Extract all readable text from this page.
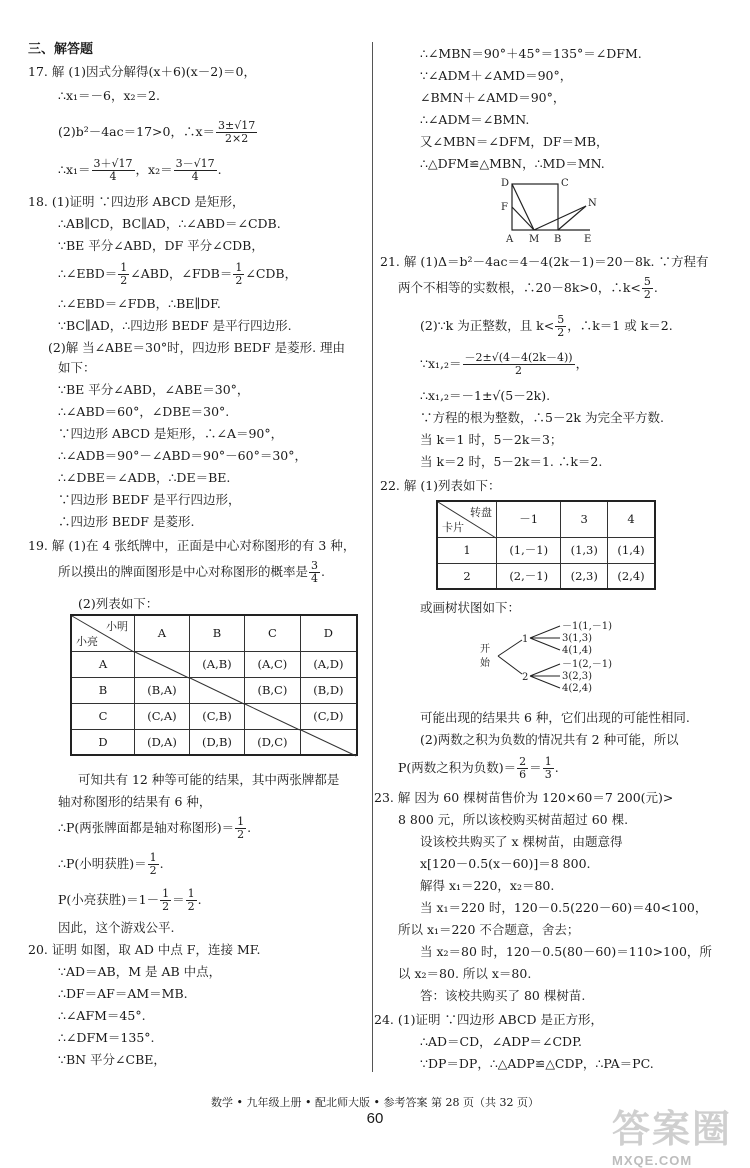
三、解答题
17. 解 (1)因式分解得(x＋6)(x－2)＝0，
∴x₁＝－6，x₂＝2.
(2)b²－4ac＝17>0，∴x＝ $\frac{3\pm√17}{2\times 2}$
∴x₁＝ $\frac{3+√17}{4}$ ，$x_2= \frac{3-√17}{4}$ .
18. (1)证明 ∵四边形 ABCD 是矩形，
∴AB∥CD，BC∥AD，∴∠ABD＝∠CDB.
∵BE 平分∠ABD，DF 平分∠CDB，
∴∠EBD＝ $\frac{1}{2}$ ∠ABD，∠FDB＝ $\frac{1}{2}$ ∠CDB，
∴∠EBD＝∠FDB，∴BE∥DF.
∵BC∥AD，∴四边形 BEDF 是平行四边形.
(2)解 当∠ABE＝30°时，四边形 BEDF 是菱形. 理由
如下：
∵BE 平分∠ABD，∠ABE＝30°，
∴∠ABD＝60°，∠DBE＝30°.
∵四边形 ABCD 是矩形，∴∠A＝90°，
∴∠ADB＝90°－∠ABD＝90°－60°＝30°，
∴∠DBE＝∠ADB，∴DE＝BE.
∵四边形 BEDF 是平行四边形，
∴四边形 BEDF 是菱形.
19. 解 (1)在 4 张纸牌中，正面是中心对称图形的有 3 种，
所以摸出的牌面图形是中心对称图形的概率是 $\frac{3}{4}$ .
(2)列表如下：
小明
小亮	A	B	C	D
A		(A,B)	(A,C)	(A,D)
B	(B,A)		(B,C)	(B,D)
C	(C,A)	(C,B)		(C,D)
D	(D,A)	(D,B)	(D,C)	
可知共有 12 种等可能的结果，其中两张牌都是
轴对称图形的结果有 6 种，
∴P(两张牌面都是轴对称图形)＝ $\frac{1}{2}$ .
∴P(小明获胜)＝ $\frac{1}{2}$ .
P(小亮获胜)$=1- \frac{1}{2} = \frac{1}{2}$ .
因此，这个游戏公平.
20. 证明 如图，取 AD 中点 F，连接 MF.
∵AD＝AB，M 是 AB 中点，
∴DF＝AF＝AM＝MB.
∴∠AFM＝45°.
∴∠DFM＝135°.
∵BN 平分∠CBE，
∴∠MBN＝90°＋45°＝135°＝∠DFM.
∵∠ADM＋∠AMD＝90°，
∠BMN＋∠AMD＝90°，
∴∠ADM＝∠BMN.
又∠MBN＝∠DFM，DF＝MB，
∴△DFM≌△MBN，∴MD＝MN.
D	C
F	N
A M B E
21. 解 (1)Δ＝b²－4ac＝4－4(2k－1)＝20－8k. ∵方程有
两个不相等的实数根，∴20－8k>0，∴k< $\frac{5}{2}$ .
(2)∵k 为正整数，且 $k< \frac{5}{2}$ ，∴k＝1 或 k＝2.
∵x₁,₂＝ $\frac{-2\pm√(4-4(2k-4))}{2}$ ，
∴x₁,₂＝－1±√(5－2k).
∵方程的根为整数，∴5－2k 为完全平方数.
当 k＝1 时，5－2k＝3；
当 k＝2 时，5－2k＝1. ∴k＝2.
22. 解 (1)列表如下：
转盘
卡片	－1	3	4
1	(1,－1)	(1,3)	(1,4)
2	(2,－1)	(2,3)	(2,4)
或画树状图如下：
开
始
1
2
－1(1,－1)
3(1,3)
4(1,4)
－1(2,－1)
3(2,3)
4(2,4)
可能出现的结果共 6 种，它们出现的可能性相同.
(2)两数之积为负数的情况共有 2 种可能，所以
P(两数之积为负数)＝ $\frac{2}{6} = \frac{1}{3}$ .
23. 解 因为 60 棵树苗售价为 120×60＝7 200(元)>
8 800 元，所以该校购买树苗超过 60 棵.
设该校共购买了 x 棵树苗，由题意得
x[120－0.5(x－60)]＝8 800.
解得 x₁＝220，x₂＝80.
当 x₁＝220 时，120－0.5(220－60)＝40<100，
所以 x₁＝220 不合题意，舍去；
当 x₂＝80 时，120－0.5(80－60)＝110>100，所
以 x₂＝80. 所以 x＝80.
答：该校共购买了 80 棵树苗.
24. (1)证明 ∵四边形 ABCD 是正方形，
∴AD＝CD，∠ADP＝∠CDP.
∵DP＝DP，∴△ADP≌△CDP，∴PA＝PC.
数学 • 九年级上册 • 配北师大版 • 参考答案 第 28 页（共 32 页）
60	答案圈
MXQE.COM
